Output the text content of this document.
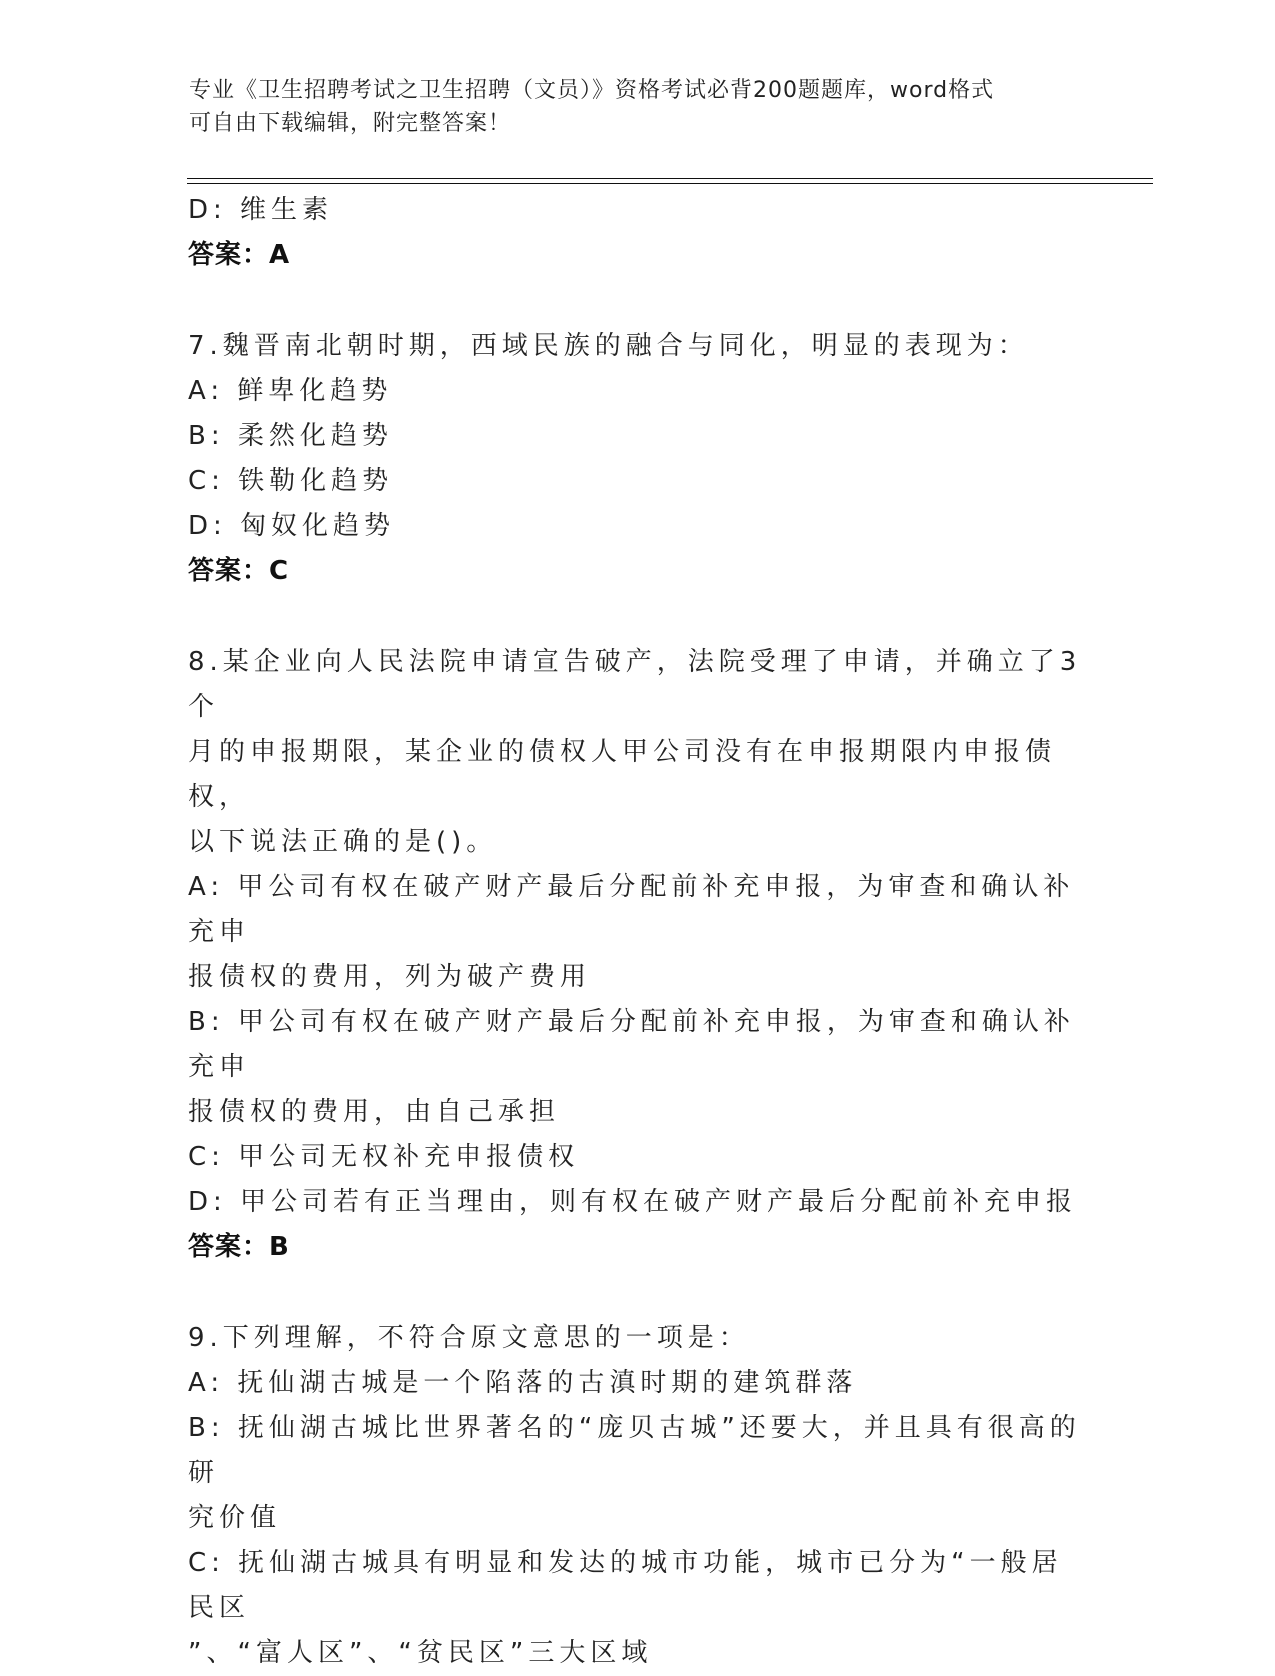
专业《卫生招聘考试之卫生招聘（文员）》资格考试必背200题题库，word格式
可自由下载编辑，附完整答案！
D: 维生素
答案：A
7.魏晋南北朝时期，西域民族的融合与同化，明显的表现为：
A: 鲜卑化趋势
B: 柔然化趋势
C: 铁勒化趋势
D: 匈奴化趋势
答案：C
8.某企业向人民法院申请宣告破产，法院受理了申请，并确立了3个
月的申报期限，某企业的债权人甲公司没有在申报期限内申报债权，
以下说法正确的是()。
A: 甲公司有权在破产财产最后分配前补充申报，为审查和确认补充申
报债权的费用，列为破产费用
B: 甲公司有权在破产财产最后分配前补充申报，为审查和确认补充申
报债权的费用，由自己承担
C: 甲公司无权补充申报债权
D: 甲公司若有正当理由，则有权在破产财产最后分配前补充申报
答案：B
9.下列理解，不符合原文意思的一项是：
A: 抚仙湖古城是一个陷落的古滇时期的建筑群落
B: 抚仙湖古城比世界著名的“庞贝古城”还要大，并且具有很高的研
究价值
C: 抚仙湖古城具有明显和发达的城市功能，城市已分为“一般居民区
”、“富人区”、“贫民区”三大区域
